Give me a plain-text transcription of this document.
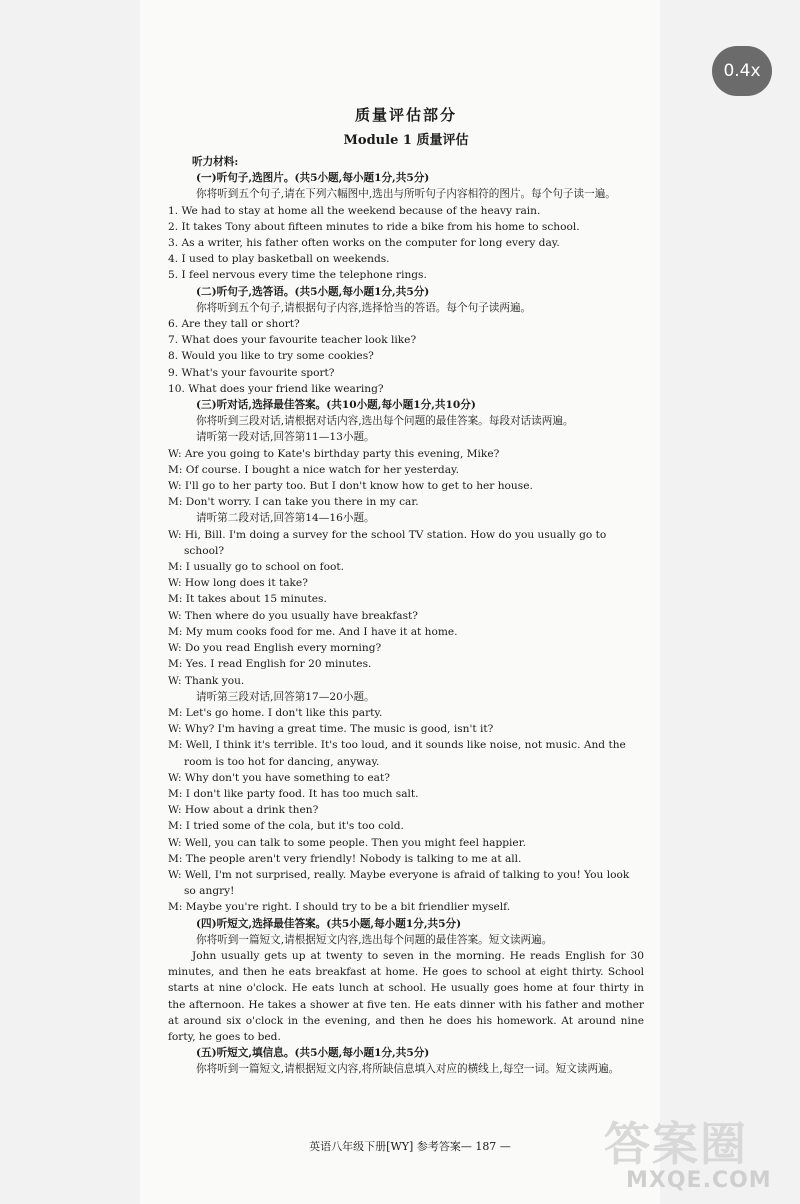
0.4x
质量评估部分
Module 1 质量评估
听力材料:
(一)听句子,选图片。(共5小题,每小题1分,共5分)
你将听到五个句子,请在下列六幅图中,选出与所听句子内容相符的图片。每个句子读一遍。
1. We had to stay at home all the weekend because of the heavy rain.
2. It takes Tony about fifteen minutes to ride a bike from his home to school.
3. As a writer, his father often works on the computer for long every day.
4. I used to play basketball on weekends.
5. I feel nervous every time the telephone rings.
(二)听句子,选答语。(共5小题,每小题1分,共5分)
你将听到五个句子,请根据句子内容,选择恰当的答语。每个句子读两遍。
6. Are they tall or short?
7. What does your favourite teacher look like?
8. Would you like to try some cookies?
9. What's your favourite sport?
10. What does your friend like wearing?
(三)听对话,选择最佳答案。(共10小题,每小题1分,共10分)
你将听到三段对话,请根据对话内容,选出每个问题的最佳答案。每段对话读两遍。
请听第一段对话,回答第11—13小题。
W: Are you going to Kate's birthday party this evening, Mike?
M: Of course. I bought a nice watch for her yesterday.
W: I'll go to her party too. But I don't know how to get to her house.
M: Don't worry. I can take you there in my car.
请听第二段对话,回答第14—16小题。
W: Hi, Bill. I'm doing a survey for the school TV station. How do you usually go to school?
M: I usually go to school on foot.
W: How long does it take?
M: It takes about 15 minutes.
W: Then where do you usually have breakfast?
M: My mum cooks food for me. And I have it at home.
W: Do you read English every morning?
M: Yes. I read English for 20 minutes.
W: Thank you.
请听第三段对话,回答第17—20小题。
M: Let's go home. I don't like this party.
W: Why? I'm having a great time. The music is good, isn't it?
M: Well, I think it's terrible. It's too loud, and it sounds like noise, not music. And the room is too hot for dancing, anyway.
W: Why don't you have something to eat?
M: I don't like party food. It has too much salt.
W: How about a drink then?
M: I tried some of the cola, but it's too cold.
W: Well, you can talk to some people. Then you might feel happier.
M: The people aren't very friendly! Nobody is talking to me at all.
W: Well, I'm not surprised, really. Maybe everyone is afraid of talking to you! You look so angry!
M: Maybe you're right. I should try to be a bit friendlier myself.
(四)听短文,选择最佳答案。(共5小题,每小题1分,共5分)
你将听到一篇短文,请根据短文内容,选出每个问题的最佳答案。短文读两遍。
John usually gets up at twenty to seven in the morning. He reads English for 30 minutes, and then he eats breakfast at home. He goes to school at eight thirty. School starts at nine o'clock. He eats lunch at school. He usually goes home at four thirty in the afternoon. He takes a shower at five ten. He eats dinner with his father and mother at around six o'clock in the evening, and then he does his homework. At around nine forty, he goes to bed.
(五)听短文,填信息。(共5小题,每小题1分,共5分)
你将听到一篇短文,请根据短文内容,将所缺信息填入对应的横线上,每空一词。短文读两遍。
英语八年级下册[WY] 参考答案— 187 —	答案圈
MXQE.COM
